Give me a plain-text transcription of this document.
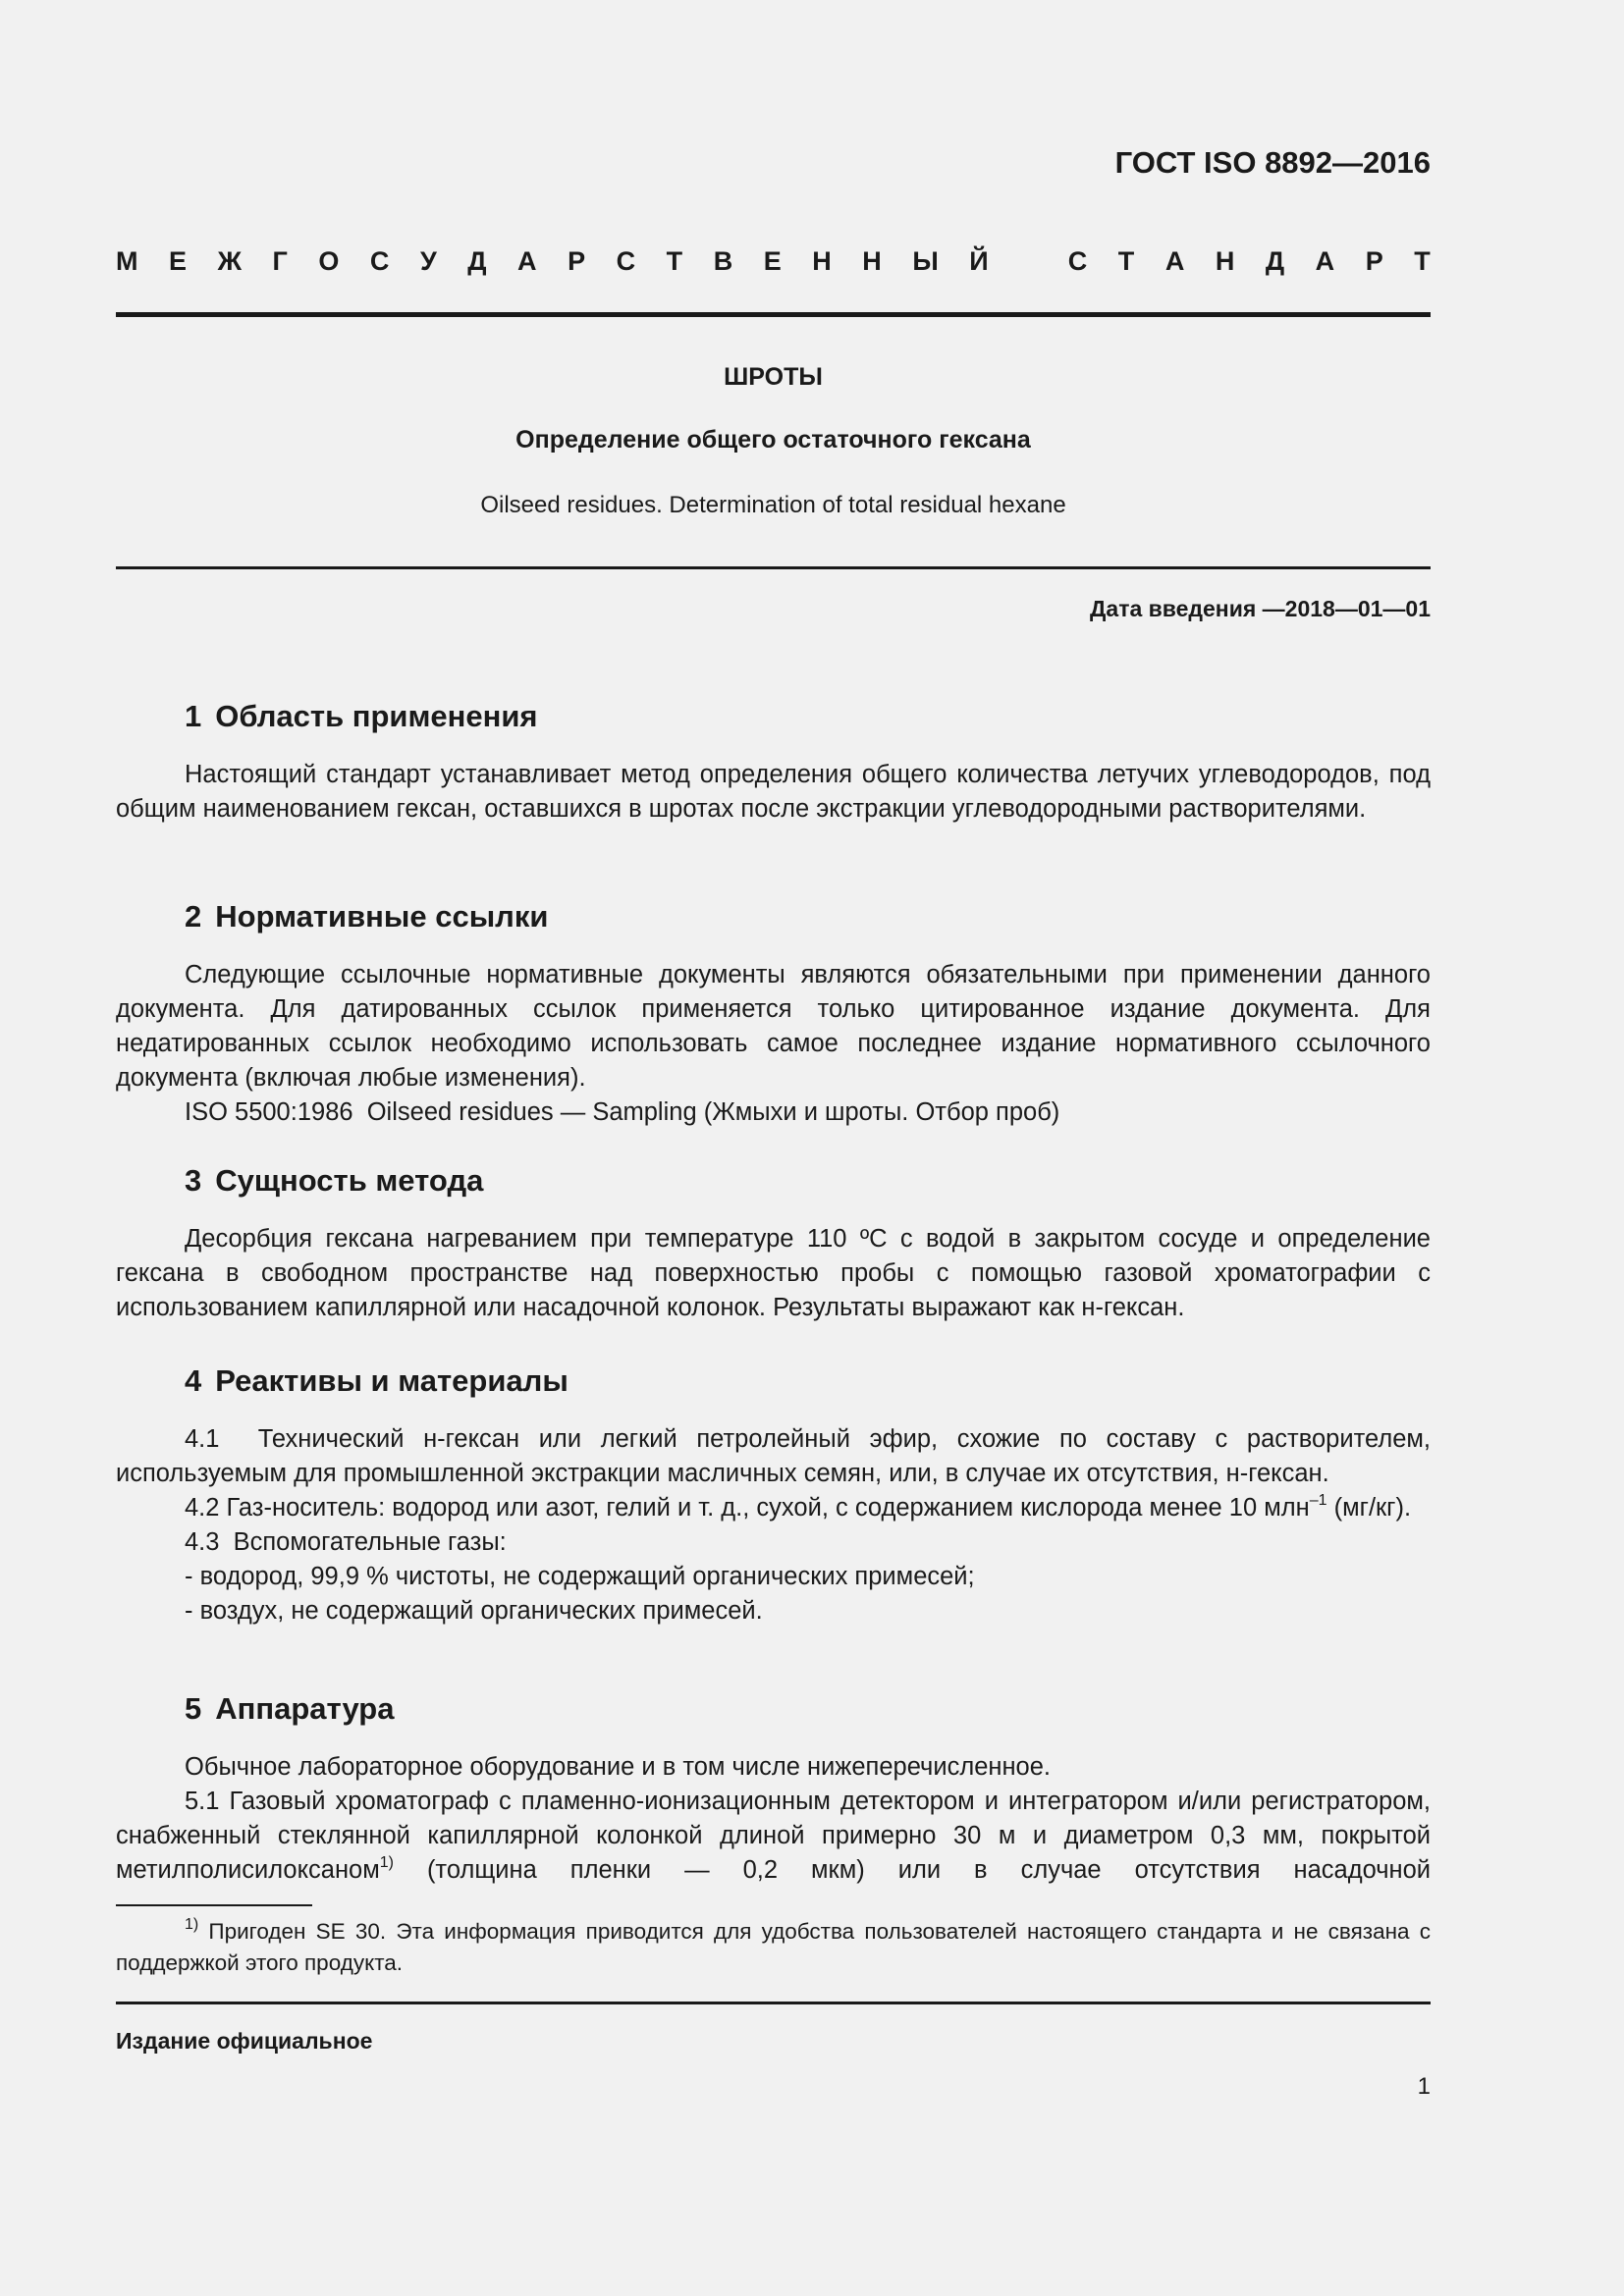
ГОСТ ISO 8892—2016
М Е Ж Г О С У Д А Р С Т В Е Н Н Ы Й	С Т А Н Д А Р Т
ШРОТЫ
Определение общего остаточного гексана
Oilseed residues. Determination of total residual hexane
Дата введения —2018—01—01
1 Область применения

Настоящий стандарт устанавливает метод определения общего количества летучих углеводородов, под общим наименованием гексан, оставшихся в шротах после экстракции углеводородными растворителями.

2 Нормативные ссылки

Следующие ссылочные нормативные документы являются обязательными при применении данного документа. Для датированных ссылок применяется только цитированное издание документа. Для недатированных ссылок необходимо использовать самое последнее издание нормативного ссылочного документа (включая любые изменения).

ISO 5500:1986  Oilseed residues — Sampling (Жмыхи и шроты. Отбор проб)

3 Сущность метода

Десорбция гексана нагреванием при температуре 110 ºС с водой в закрытом сосуде и определение гексана в свободном пространстве над поверхностью пробы с помощью газовой хроматографии с использованием капиллярной или насадочной колонок. Результаты выражают как н-гексан.

4 Реактивы и материалы

4.1  Технический н-гексан или легкий петролейный эфир, схожие по составу с растворителем, используемым для промышленной экстракции масличных семян, или, в случае их отсутствия, н-гексан.

4.2 Газ-носитель: водород или азот, гелий и т. д., сухой, с содержанием кислорода менее 10 млн$^{-1}$ (мг/кг).

4.3  Вспомогательные газы:

- водород, 99,9 % чистоты, не содержащий органических примесей;

- воздух, не содержащий органических примесей.

5 Аппаратура

Обычное лабораторное оборудование и в том числе нижеперечисленное.

5.1 Газовый хроматограф с пламенно-ионизационным детектором и интегратором и/или регистратором, снабженный стеклянной капиллярной колонкой длиной примерно 30 м и диаметром 0,3 мм, покрытой метилполисилоксаном$^{1)}$ (толщина пленки — 0,2 мкм) или в случае отсутствия насадочной

$^{1)}$ Пригоден SE 30. Эта информация приводится для удобства пользователей настоящего стандарта и не связана с поддержкой этого продукта.

Издание официальное
1
